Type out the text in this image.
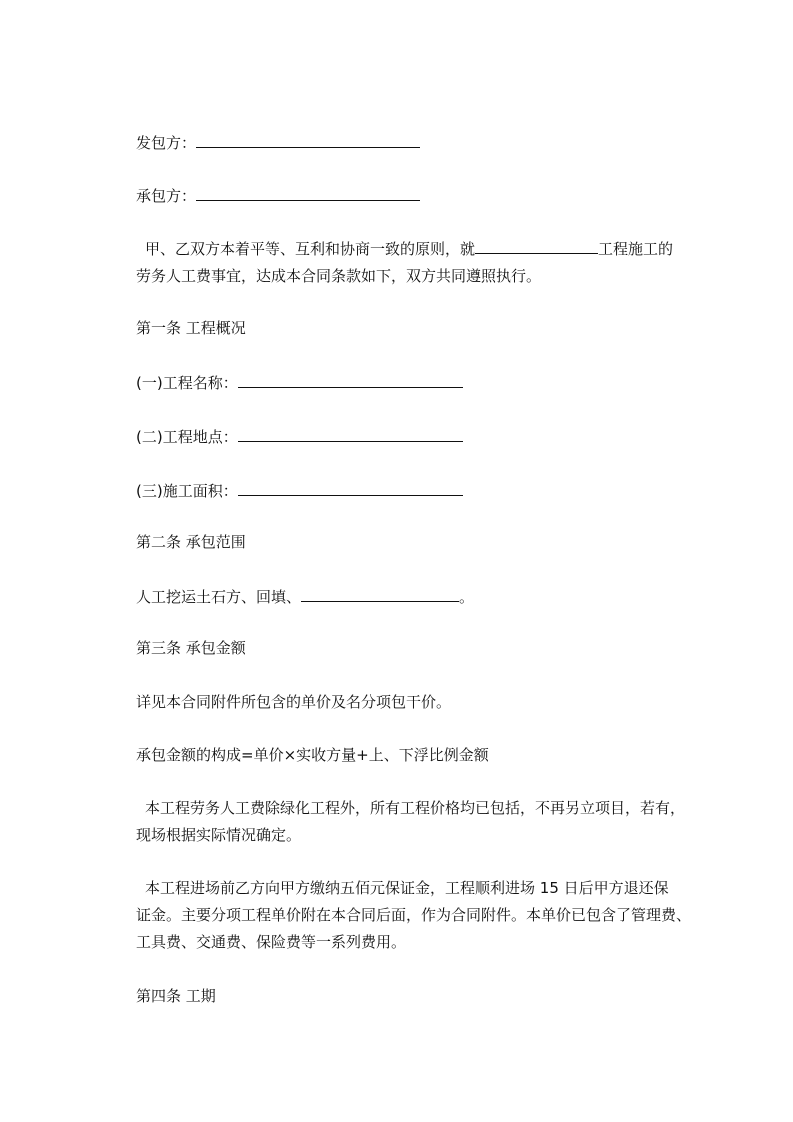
发包方：
承包方：
甲、乙双方本着平等、互利和协商一致的原则，就	工程施工的
劳务人工费事宜，达成本合同条款如下，双方共同遵照执行。
第一条 工程概况
(一)工程名称：
(二)工程地点：
(三)施工面积：
第二条 承包范围
人工挖运土石方、回填、	。
第三条 承包金额
详见本合同附件所包含的单价及名分项包干价。
承包金额的构成=单价×实收方量+上、下浮比例金额
本工程劳务人工费除绿化工程外，所有工程价格均已包括，不再另立项目，若有，
现场根据实际情况确定。
本工程进场前乙方向甲方缴纳五佰元保证金，工程顺利进场 15 日后甲方退还保
证金。主要分项工程单价附在本合同后面，作为合同附件。本单价已包含了管理费、
工具费、交通费、保险费等一系列费用。
第四条 工期
